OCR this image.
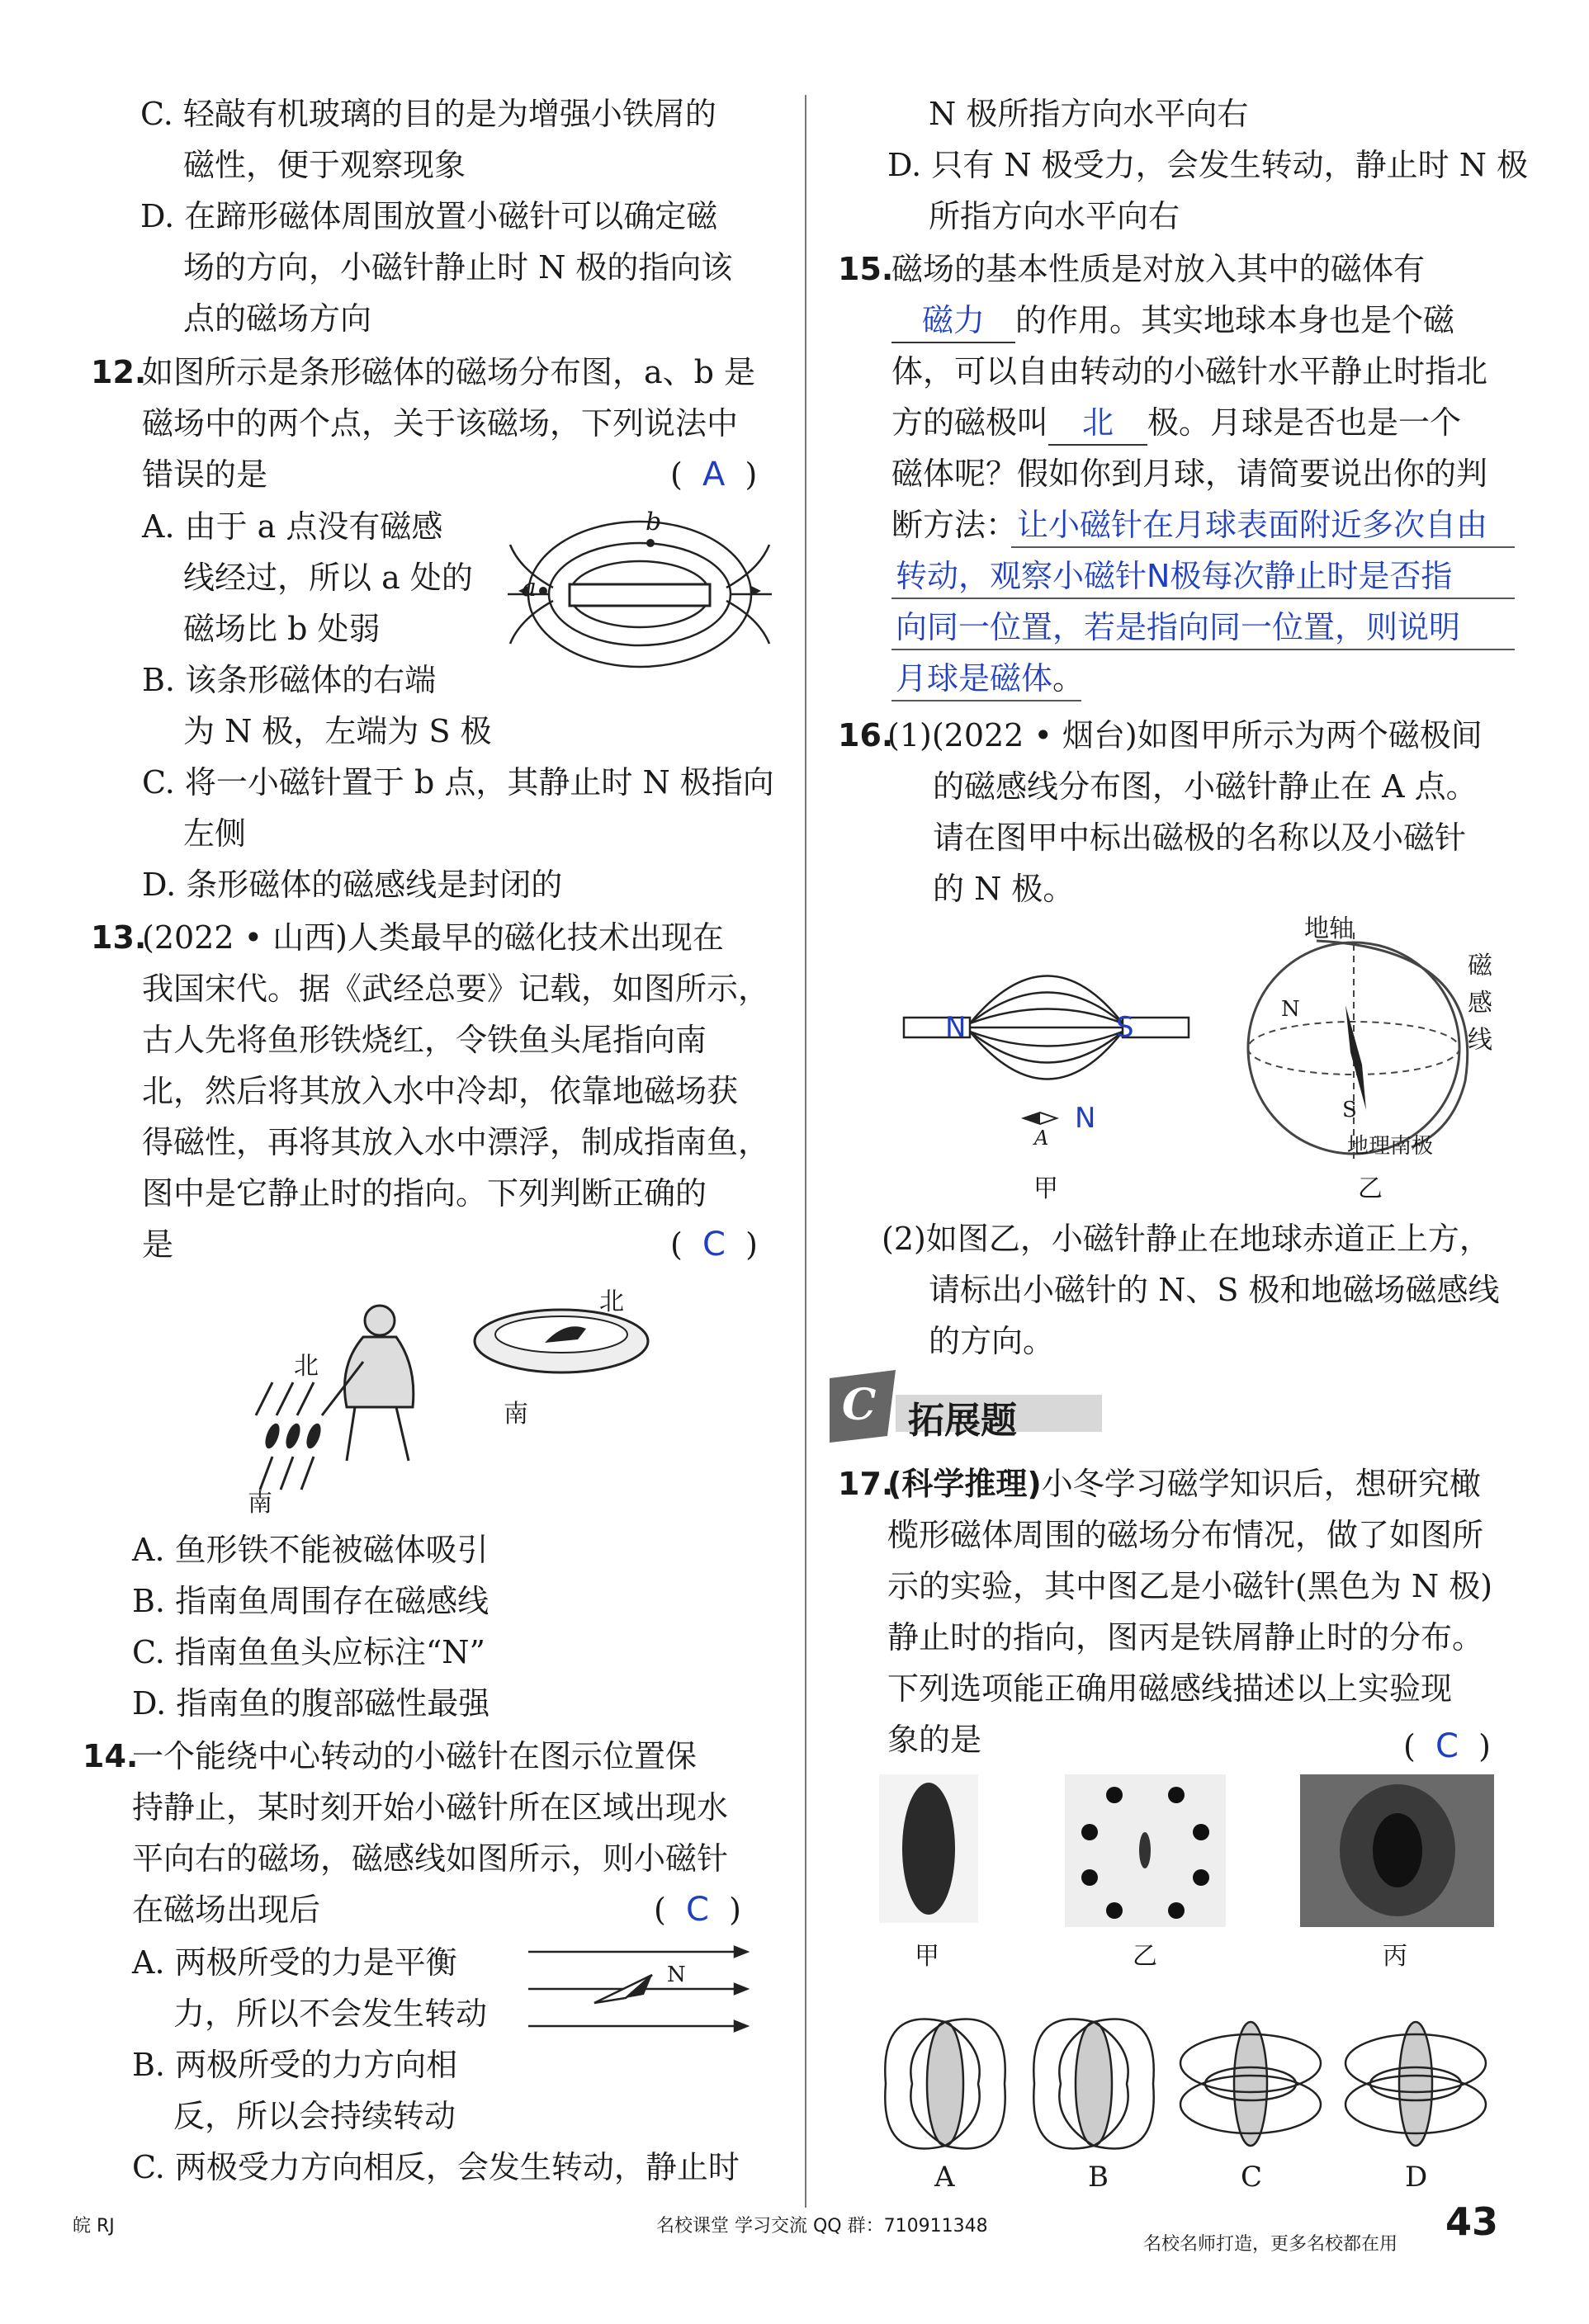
C. 轻敲有机玻璃的目的是为增强小铁屑的
磁性，便于观察现象
D. 在蹄形磁体周围放置小磁针可以确定磁
场的方向，小磁针静止时 N 极的指向该
点的磁场方向
12.
如图所示是条形磁体的磁场分布图，a、b 是
磁场中的两个点，关于该磁场，下列说法中
错误的是	(  A  )
A. 由于 a 点没有磁感
线经过，所以 a 处的
磁场比 b 处弱
B. 该条形磁体的右端
为 N 极，左端为 S 极
C. 将一小磁针置于 b 点，其静止时 N 极指向
左侧
D. 条形磁体的磁感线是封闭的
a
b
13.
(2022 • 山西)人类最早的磁化技术出现在
我国宋代。据《武经总要》记载，如图所示，
古人先将鱼形铁烧红，令铁鱼头尾指向南
北，然后将其放入水中冷却，依靠地磁场获
得磁性，再将其放入水中漂浮，制成指南鱼，
图中是它静止时的指向。下列判断正确的
是	(  C  )
北
南
北
南
A. 鱼形铁不能被磁体吸引
B. 指南鱼周围存在磁感线
C. 指南鱼鱼头应标注“N”
D. 指南鱼的腹部磁性最强
14.
一个能绕中心转动的小磁针在图示位置保
持静止，某时刻开始小磁针所在区域出现水
平向右的磁场，磁感线如图所示，则小磁针
在磁场出现后	(  C  )
A. 两极所受的力是平衡
力，所以不会发生转动
B. 两极所受的力方向相
反，所以会持续转动
C. 两极受力方向相反，会发生转动，静止时
N
N 极所指方向水平向右
D. 只有 N 极受力，会发生转动，静止时 N 极
所指方向水平向右
15.
磁场的基本性质是对放入其中的磁体有
磁力 的作用。其实地球本身也是个磁
体，可以自由转动的小磁针水平静止时指北
方的磁极叫 北 极。月球是否也是一个
磁体呢？假如你到月球，请简要说出你的判
断方法：让小磁针在月球表面附近多次自由
转动，观察小磁针N极每次静止时是否指
向同一位置，若是指向同一位置，则说明
月球是磁体。
16.
(1)(2022 • 烟台)如图甲所示为两个磁极间
的磁感线分布图，小磁针静止在 A 点。
请在图甲中标出磁极的名称以及小磁针
的 N 极。
N	S
N
A
甲
地轴
磁
感
线
N
S
地理南极
乙
(2)如图乙，小磁针静止在地球赤道正上方，
请标出小磁针的 N、S 极和地磁场磁感线
的方向。
C 拓展题
17.
(科学推理)小冬学习磁学知识后，想研究橄
榄形磁体周围的磁场分布情况，做了如图所
示的实验，其中图乙是小磁针(黑色为 N 极)
静止时的指向，图丙是铁屑静止时的分布。
下列选项能正确用磁感线描述以上实验现
象的是	(  C  )
甲	乙	丙
A	B	C	D
皖 RJ	名校课堂 学习交流 QQ 群：710911348
名校名师打造，更多名校都在用
43
